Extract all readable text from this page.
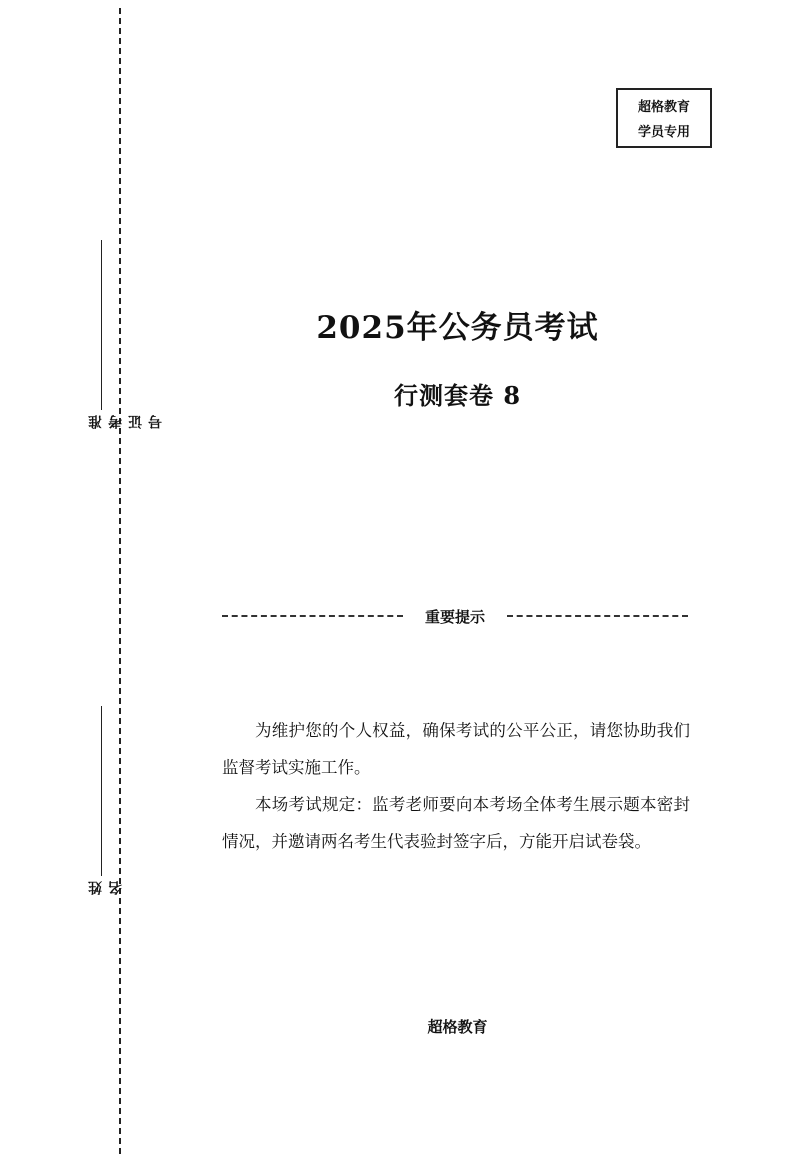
准考证号
姓名
超格教育
学员专用
2025年公务员考试
行测套卷 8
重要提示

为维护您的个人权益，确保考试的公平公正，请您协助我们监督考试实施工作。

本场考试规定：监考老师要向本考场全体考生展示题本密封情况，并邀请两名考生代表验封签字后，方能开启试卷袋。

超格教育
